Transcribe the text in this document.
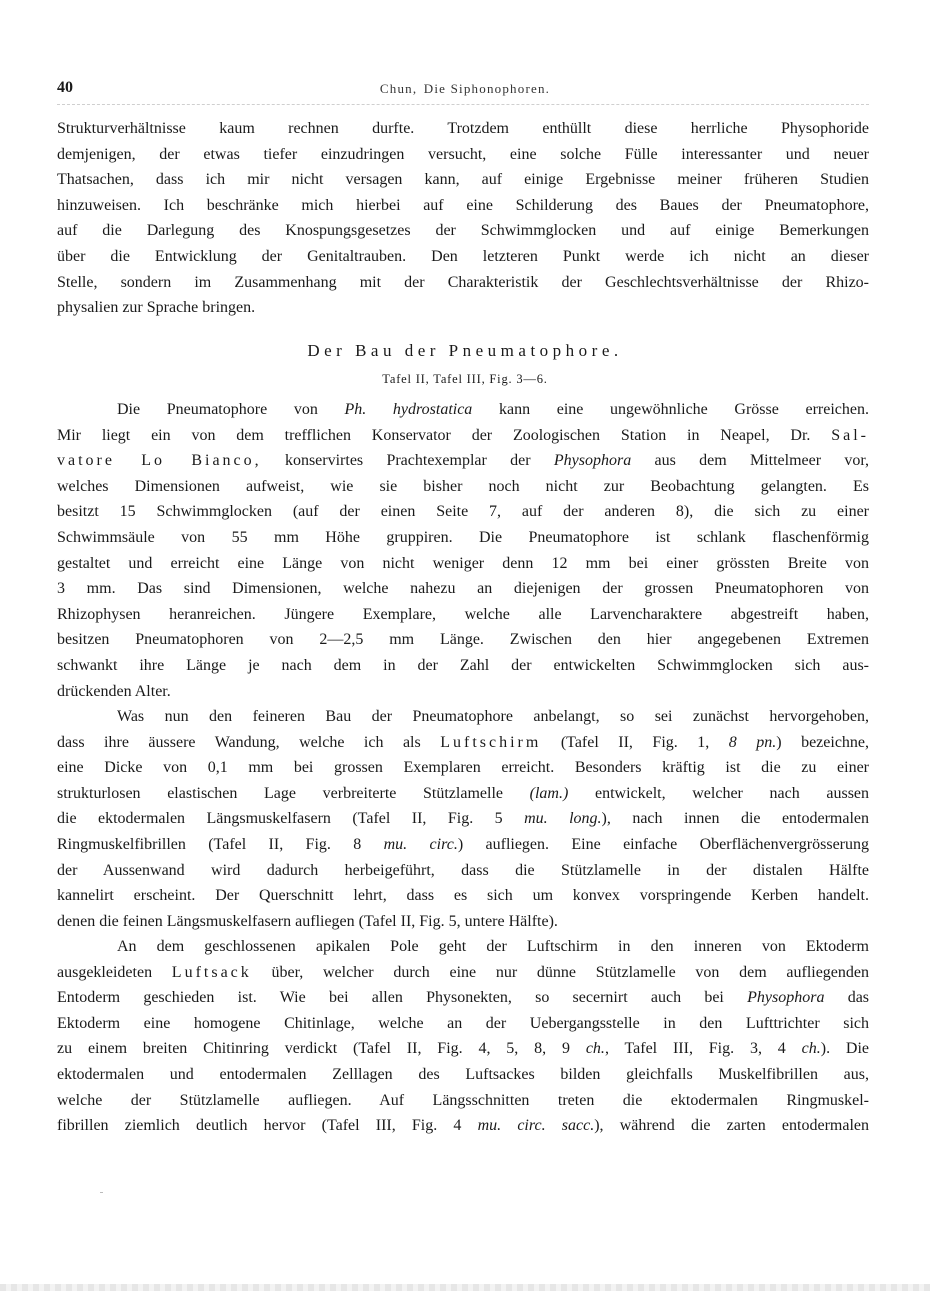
40	Chun, Die Siphonophoren.

Strukturverhältnisse kaum rechnen durfte. Trotzdem enthüllt diese herrliche Physophoride

demjenigen, der etwas tiefer einzudringen versucht, eine solche Fülle interessanter und neuer

Thatsachen, dass ich mir nicht versagen kann, auf einige Ergebnisse meiner früheren Studien

hinzuweisen. Ich beschränke mich hierbei auf eine Schilderung des Baues der Pneumatophore,

auf die Darlegung des Knospungsgesetzes der Schwimmglocken und auf einige Bemerkungen

über die Entwicklung der Genitaltrauben. Den letzteren Punkt werde ich nicht an dieser

Stelle, sondern im Zusammenhang mit der Charakteristik der Geschlechtsverhältnisse der Rhizo-

physalien zur Sprache bringen.

Der Bau der Pneumatophore.
Tafel II, Tafel III, Fig. 3—6.

Die Pneumatophore von Ph. hydrostatica kann eine ungewöhnliche Grösse erreichen.

Mir liegt ein von dem trefflichen Konservator der Zoologischen Station in Neapel, Dr. Sal-

vatore Lo Bianco, konservirtes Prachtexemplar der Physophora aus dem Mittelmeer vor,

welches Dimensionen aufweist, wie sie bisher noch nicht zur Beobachtung gelangten. Es

besitzt 15 Schwimmglocken (auf der einen Seite 7, auf der anderen 8), die sich zu einer

Schwimmsäule von 55 mm Höhe gruppiren. Die Pneumatophore ist schlank flaschenförmig

gestaltet und erreicht eine Länge von nicht weniger denn 12 mm bei einer grössten Breite von

3 mm. Das sind Dimensionen, welche nahezu an diejenigen der grossen Pneumatophoren von

Rhizophysen heranreichen. Jüngere Exemplare, welche alle Larvencharaktere abgestreift haben,

besitzen Pneumatophoren von 2—2,5 mm Länge. Zwischen den hier angegebenen Extremen

schwankt ihre Länge je nach dem in der Zahl der entwickelten Schwimmglocken sich aus-

drückenden Alter.

Was nun den feineren Bau der Pneumatophore anbelangt, so sei zunächst hervorgehoben,

dass ihre äussere Wandung, welche ich als Luftschirm (Tafel II, Fig. 1, 8 pn.) bezeichne,

eine Dicke von 0,1 mm bei grossen Exemplaren erreicht. Besonders kräftig ist die zu einer

strukturlosen elastischen Lage verbreiterte Stützlamelle (lam.) entwickelt, welcher nach aussen

die ektodermalen Längsmuskelfasern (Tafel II, Fig. 5 mu. long.), nach innen die entodermalen

Ringmuskelfibrillen (Tafel II, Fig. 8 mu. circ.) aufliegen. Eine einfache Oberflächenvergrösserung

der Aussenwand wird dadurch herbeigeführt, dass die Stützlamelle in der distalen Hälfte

kannelirt erscheint. Der Querschnitt lehrt, dass es sich um konvex vorspringende Kerben handelt.

denen die feinen Längsmuskelfasern aufliegen (Tafel II, Fig. 5, untere Hälfte).

An dem geschlossenen apikalen Pole geht der Luftschirm in den inneren von Ektoderm

ausgekleideten Luftsack über, welcher durch eine nur dünne Stützlamelle von dem aufliegenden

Entoderm geschieden ist. Wie bei allen Physonekten, so secernirt auch bei Physophora das

Ektoderm eine homogene Chitinlage, welche an der Uebergangsstelle in den Lufttrichter sich

zu einem breiten Chitinring verdickt (Tafel II, Fig. 4, 5, 8, 9 ch., Tafel III, Fig. 3, 4 ch.). Die

ektodermalen und entodermalen Zelllagen des Luftsackes bilden gleichfalls Muskelfibrillen aus,

welche der Stützlamelle aufliegen. Auf Längsschnitten treten die ektodermalen Ringmuskel-

fibrillen ziemlich deutlich hervor (Tafel III, Fig. 4 mu. circ. sacc.), während die zarten entodermalen
